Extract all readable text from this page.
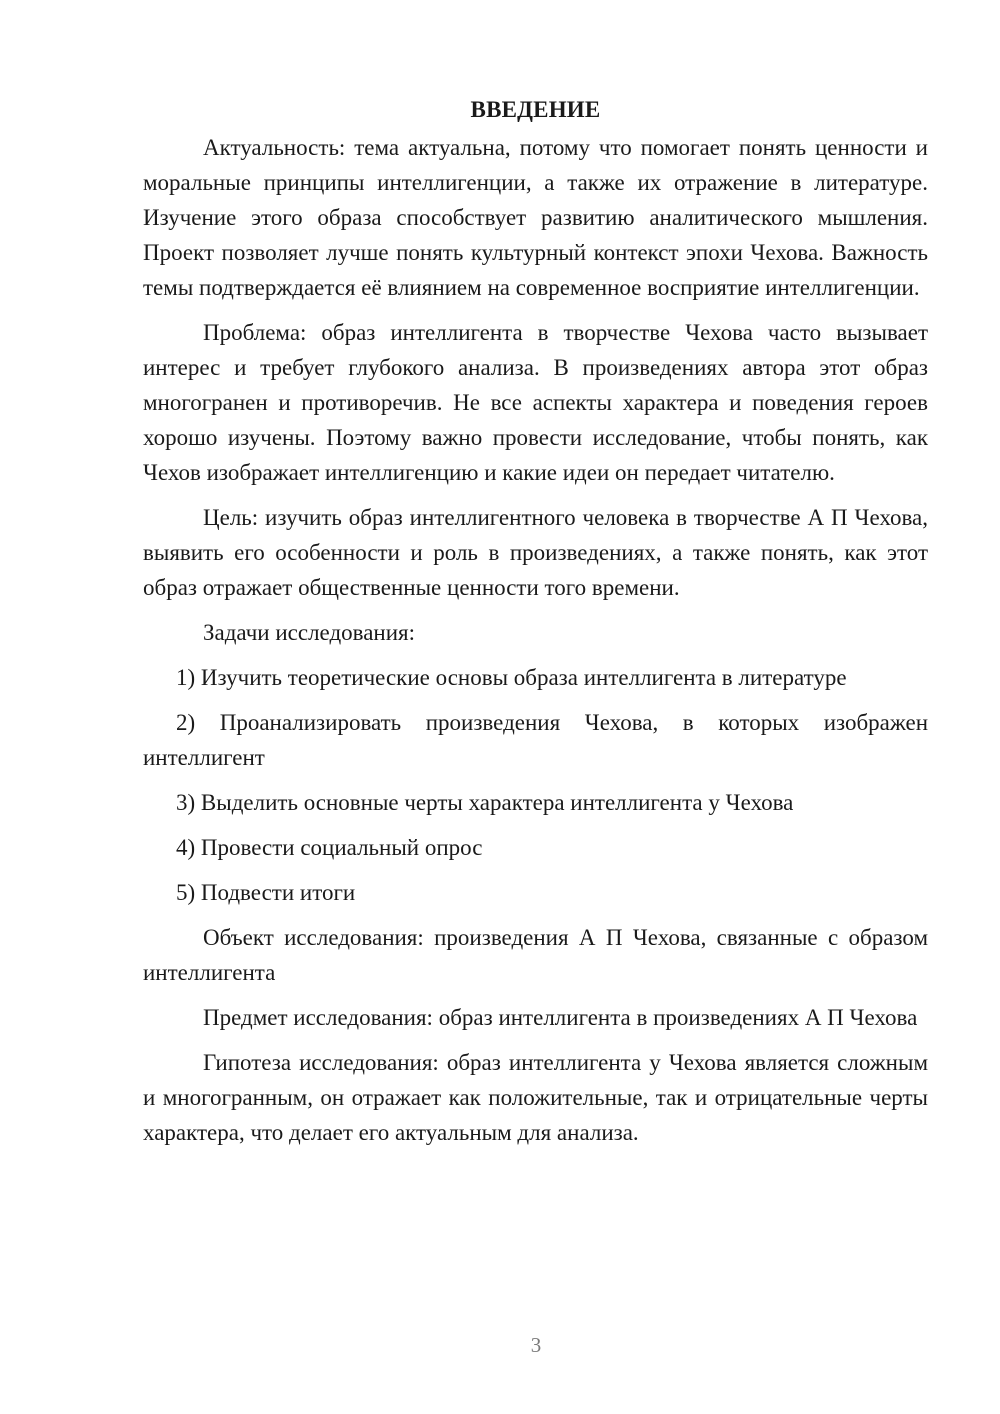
ВВЕДЕНИЕ

Актуальность: тема актуальна, потому что помогает понять ценности и моральные принципы интеллигенции, а также их отражение в литературе. Изучение этого образа способствует развитию аналитического мышления. Проект позволяет лучше понять культурный контекст эпохи Чехова. Важность темы подтверждается её влиянием на современное восприятие интеллигенции.

Проблема: образ интеллигента в творчестве Чехова часто вызывает интерес и требует глубокого анализа. В произведениях автора этот образ многогранен и противоречив. Не все аспекты характера и поведения героев хорошо изучены. Поэтому важно провести исследование, чтобы понять, как Чехов изображает интеллигенцию и какие идеи он передает читателю.

Цель: изучить образ интеллигентного человека в творчестве А П Чехова, выявить его особенности и роль в произведениях, а также понять, как этот образ отражает общественные ценности того времени.

Задачи исследования:

1) Изучить теоретические основы образа интеллигента в литературе

2) Проанализировать произведения Чехова, в которых изображен интеллигент

3) Выделить основные черты характера интеллигента у Чехова

4) Провести социальный опрос

5) Подвести итоги

Объект исследования: произведения А П Чехова, связанные с образом интеллигента

Предмет исследования: образ интеллигента в произведениях А П Чехова

Гипотеза исследования: образ интеллигента у Чехова является сложным и многогранным, он отражает как положительные, так и отрицательные черты характера, что делает его актуальным для анализа.

3
